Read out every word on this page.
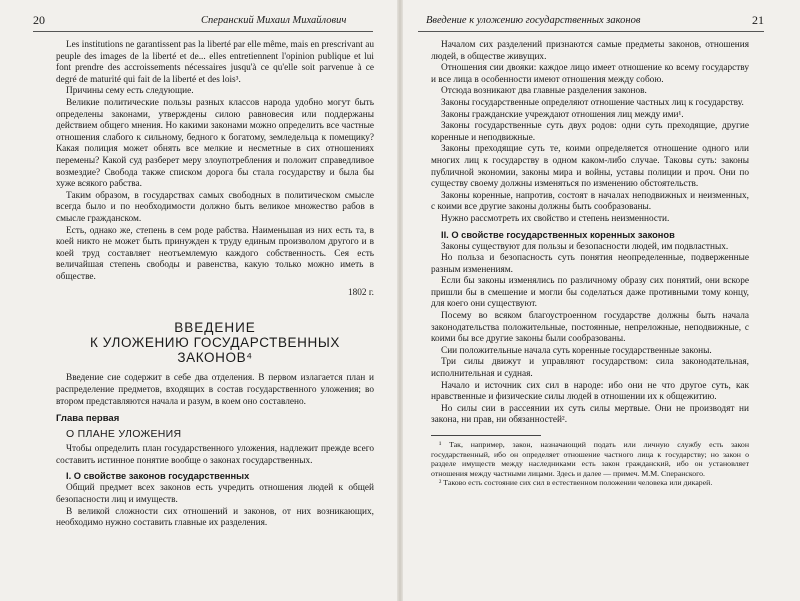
20	Сперанский Михаил Михайлович	Введение к уложению государственных законов	21

Les institutions ne garantissent pas la liberté par elle même, mais en prescrivant au peuple des images de la liberté et de... elles entretiennent l'opinion publique et lui font prendre des accroissements nécessaires jusqu'à ce qu'elle soit parvenue à ce degré de maturité qui fait de la liberté et des lois³.

Причины сему есть следующие.

Великие политические пользы разных классов народа удобно могут быть определены законами, утверждены силою равновесия или поддержаны действием общего мнения. Но какими законами можно определить все частные отношения слабого к сильному, бедного к богатому, земледельца к помещику? Какая полиция может обнять все мелкие и несметные в сих отношениях перемены? Какой суд разберет меру злоупотребления и положит справедливое возмездие? Свобода также списком дорога бы стала государству и была бы хуже всякого рабства.

Таким образом, в государствах самых свободных в политическом смысле всегда было и по необходимости должно быть великое множество рабов в смысле гражданском.

Есть, однако же, степень в сем роде рабства. Наименьшая из них есть та, в коей никто не может быть принужден к труду единым произволом другого и в коей труд составляет неотъемлемую каждого собственность. Сея есть величайшая степень свободы и равенства, какую только можно иметь в обществе.

1802 г.
ВВЕДЕНИЕ
К УЛОЖЕНИЮ ГОСУДАРСТВЕННЫХ ЗАКОНОВ⁴

Введение сие содержит в себе два отделения. В первом излагается план и распределение предметов, входящих в состав государственного уложения; во втором представляются начала и разум, в коем оно составлено.

Глава первая
О ПЛАНЕ УЛОЖЕНИЯ

Чтобы определить план государственного уложения, надлежит прежде всего составить истинное понятие вообще о законах государственных.

I. О свойстве законов государственных

Общий предмет всех законов есть учредить отношения людей к общей безопасности лиц и имуществ.

В великой сложности сих отношений и законов, от них возникающих, необходимо нужно составить главные их разделения.

Началом сих разделений признаются самые предметы законов, отношения людей, в обществе живущих.

Отношения сии двояки: каждое лицо имеет отношение ко всему государству и все лица в особенности имеют отношения между собою.

Отсюда возникают два главные разделения законов.

Законы государственные определяют отношение частных лиц к государству.

Законы гражданские учреждают отношения лиц между ими¹.

Законы государственные суть двух родов: одни суть преходящие, другие коренные и неподвижные.

Законы преходящие суть те, коими определяется отношение одного или многих лиц к государству в одном каком-либо случае. Таковы суть: законы публичной экономии, законы мира и войны, уставы полиции и проч. Они по существу своему должны изменяться по изменению обстоятельств.

Законы коренные, напротив, состоят в началах неподвижных и неизменных, с коими все другие законы должны быть сообразованы.

Нужно рассмотреть их свойство и степень неизменности.

II. О свойстве государственных коренных законов

Законы существуют для пользы и безопасности людей, им подвластных.

Но польза и безопасность суть понятия неопределенные, подверженные разным изменениям.

Если бы законы изменялись по различному образу сих понятий, они вскоре пришли бы в смешение и могли бы соделаться даже противными тому концу, для коего они существуют.

Посему во всяком благоустроенном государстве должны быть начала законодательства положительные, постоянные, непреложные, неподвижные, с коими бы все другие законы были сообразованы.

Сии положительные начала суть коренные государственные законы.

Три силы движут и управляют государством: сила законодательная, исполнительная и судная.

Начало и источник сих сил в народе: ибо они не что другое суть, как нравственные и физические силы людей в отношении их к общежитию.

Но силы сии в рассеянии их суть силы мертвые. Они не производят ни закона, ни прав, ни обязанностей².

¹ Так, например, закон, назначающий подать или личную службу есть закон государственный, ибо он определяет отношение частного лица к государству; но закон о разделе имуществ между наследниками есть закон гражданский, ибо он установляет отношения между частными лицами. Здесь и далее — примеч. М.М. Сперанского.

² Таково есть состояние сих сил в естественном положении человека или дикарей.
